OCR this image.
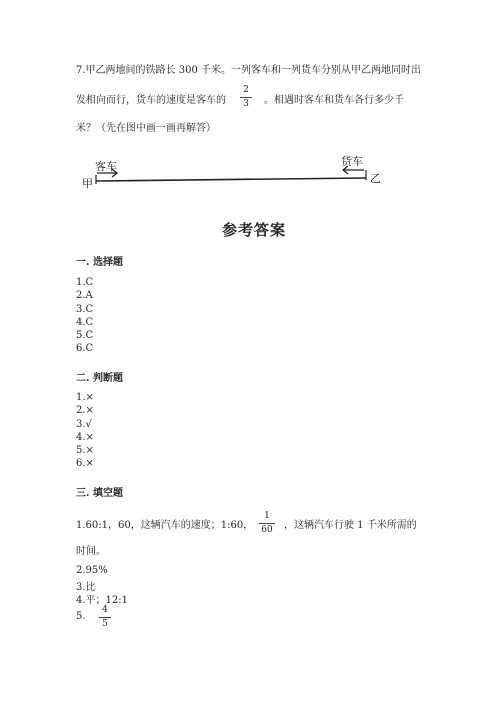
7.甲乙两地间的铁路长 300 千米。一列客车和一列货车分别从甲乙两地同时出
发相向而行，货车的速度是客车的
2
3	。相遇时客车和货车各行多少千
米？（先在图中画一画再解答）
甲	乙
客车	货车
参考答案
一. 选择题
1.C
2.A
3.C
4.C
5.C
6.C
二. 判断题
1.×
2.×
3.√
4.×
5.×
6.×
三. 填空题
1.60:1，60，这辆汽车的速度；1:60，
1
60 ，这辆汽车行驶 1 千米所需的
时间。
2.95%
3.比
4.平；12:1
5.
4
5
